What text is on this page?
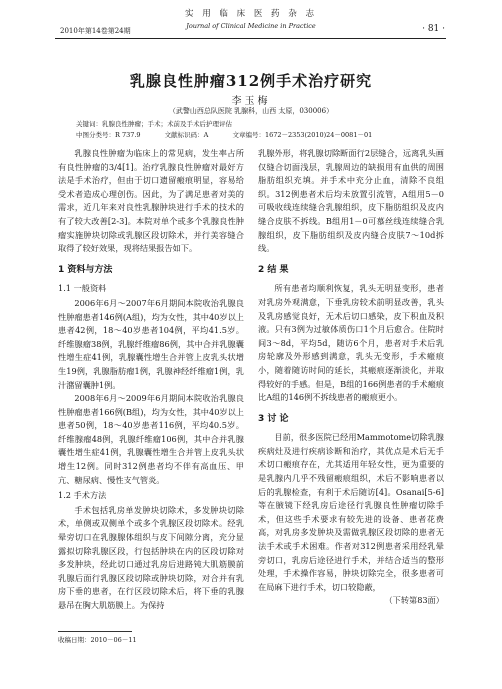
2010年第14卷第24期
实 用 临 床 医 药 杂 志
Journal of Clinical Medicine in Practice	· 81 ·
乳腺良性肿瘤312例手术治疗研究
李玉梅
（武警山西总队医院 乳腺科，山西 太原，030006）
关键词：乳腺良性肿瘤；手术；术前及手术后护理评估
中图分类号：R 737.9	文献标识码：A	文章编号：1672－2353(2010)24－0081－01

乳腺良性肿瘤为临床上的常见病，发生率占所有良性肿瘤的3/4[1]。治疗乳腺良性肿瘤对最好方法是手术治疗，但由于切口遗留瘢痕明显，容易给受术者造成心理创伤。因此，为了满足患者对美的需求，近几年来对良性乳腺肿块进行手术的技术的有了较大改善[2-3]。本院对单个或多个乳腺良性肿瘤实施肿块切除或乳腺区段切除术，并行美容缝合取得了较好效果，现将结果报告如下。

1 资料与方法
1.1 一般资料

2006年6月～2007年6月期间本院收治乳腺良性肿瘤患者146例(A组)，均为女性，其中40岁以上患者42例，18～40岁患者104例，平均41.5岁。纤维腺瘤38例，乳腺纤维瘤86例，其中合并乳腺囊性增生症41例，乳腺囊性增生合并管上皮乳头状增生19例，乳腺脂肪瘤1例，乳腺神经纤维瘤1例，乳汁潴留囊肿1例。

2008年6月～2009年6月期间本院收治乳腺良性肿瘤患者166例(B组)，均为女性，其中40岁以上患者50例，18～40岁患者116例，平均40.5岁。纤维腺瘤48例，乳腺纤维瘤106例，其中合并乳腺囊性增生症41例，乳腺囊性增生合并管上皮乳头状增生12例。同时312例患者均不伴有高血压、甲亢、糖尿病、慢性支气管炎。

1.2 手术方法

手术包括乳房单发肿块切除术，多发肿块切除术，单侧或双侧单个或多个乳腺区段切除术。经乳晕旁切口在乳腺腺体组织与皮下间隙分离，充分显露拟切除乳腺区段，行包括肿块在内的区段切除对多发肿块，经此切口通过乳房后进路钝大肌筋膜前乳腺后面行乳腺区段切除或肿块切除，对合并有乳房下垂的患者，在行区段切除术后，将下垂的乳腺悬吊在胸大肌筋膜上。为保持

乳腺外形，将乳腺切除断面行2层缝合，远离乳头画仅缝合切面浅层，乳腺周边的缺损用有血供的周围脂肪组织充填。并手术中充分止血，清除不良组织。312例患者术后均未放置引流管，A组用5－0可吸收线连续缝合乳腺组织，皮下脂肪组织及皮内缝合皮肤不拆线。B组用1－0可慕丝线连续缝合乳腺组织，皮下脂肪组织及皮内缝合皮肤7～10d拆线。

2 结 果

所有患者均顺利恢复，乳头无明显变形，患者对乳房外观满意，下垂乳房较术前明显改善，乳头及乳房感觉良好，无术后切口感染，皮下积血及积液。只有3例为过敏体质伤口1个月后愈合。住院时间3～8d，平均5d，随访6个月，患者对手术后乳房轮廓及外形感到满意，乳头无变形，手术瘢痕小，随着随访时间的延长，其瘢痕逐渐淡化，并取得较好的手感。但是，B组的166例患者的手术瘢痕比A组的146例不拆线患者的瘢痕更小。

3 讨 论

目前，很多医院已经用Mammotome切除乳腺疾病灶及进行疾病诊断和治疗，其优点是术后无手术切口瘢痕存在，尤其适用年轻女性，更为重要的是乳腺内几乎不残留瘢痕组织，术后不影响患者以后的乳腺检查，有利于术后随访[4]。Osanai[5-6]等在腋镜下经乳房后途径行乳腺良性肿瘤切除手术，但这些手术要求有较先进的设备、患者花费高，对乳房多发肿块及需做乳腺区段切除的患者无法手术或手术困难。作者对312例患者采用经乳晕旁切口，乳房后途径进行手术，并结合适当的整形处理，手术操作容易，肿块切除完全，很多患者可在局麻下进行手术，切口较隐蔽，

（下转第83面）
收稿日期：2010－06－11
